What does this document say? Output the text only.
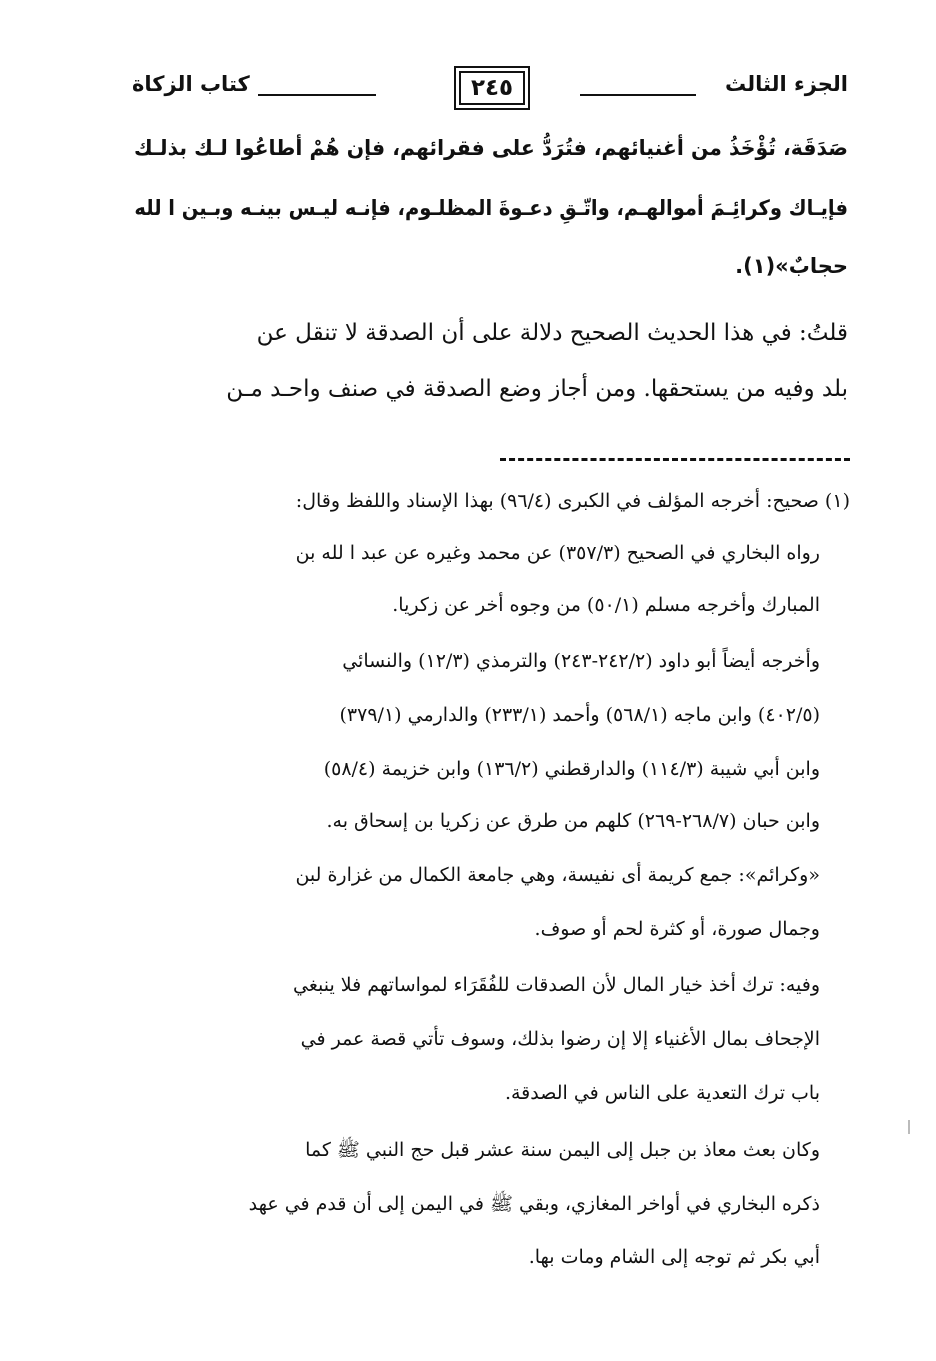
الجزء الثالث
٢٤٥
كتاب الزكاة
صَدَقَة، تُؤْخَذُ من أغنيائهم، فتُرَدُّ على فقرائهم، فإن هُمْ أطاعُوا لـك بذلـك
فإيـاك وكرائِـمَ أموالهـم، واتّـقِ دعـوةَ المظلـوم، فإنـه ليـس بينـه وبـين ا لله
حجابٌ»(١).
قلتُ: في هذا الحديث الصحيح دلالة على أن الصدقة لا تنقل عن
بلد وفيه من يستحقها. ومن أجاز وضع الصدقة في صنف واحـد مـن
(١) صحيح: أخرجه المؤلف في الكبرى (٩٦/٤) بهذا الإسناد واللفظ وقال:
رواه البخاري في الصحيح (٣٥٧/٣) عن محمد وغيره عن عبد ا لله بن
المبارك وأخرجه مسلم (٥٠/١) من وجوه أخر عن زكريا.
وأخرجه أيضاً أبو داود (٢٤٢/٢-٢٤٣) والترمذي (١٢/٣) والنسائي
(٤٠٢/٥) وابن ماجه (٥٦٨/١) وأحمد (٢٣٣/١) والدارمي (٣٧٩/١)
وابن أبي شيبة (١١٤/٣) والدارقطني (١٣٦/٢) وابن خزيمة (٥٨/٤)
وابن حبان (٢٦٨/٧-٢٦٩) كلهم من طرق عن زكريا بن إسحاق به.
«وكرائم»: جمع كريمة أى نفيسة، وهي جامعة الكمال من غزارة لبن
وجمال صورة، أو كثرة لحم أو صوف.
وفيه: ترك أخذ خيار المال لأن الصدقات للفُقَرَاء لمواساتهم فلا ينبغي
الإجحاف بمال الأغنياء إلا إن رضوا بذلك، وسوف تأتي قصة عمر في
باب ترك التعدية على الناس في الصدقة.
وكان بعث معاذ بن جبل إلى اليمن سنة عشر قبل حج النبي ﷺ كما
ذكره البخاري في أواخر المغازي، وبقي ﷺ في اليمن إلى أن قدم في عهد
أبي بكر ثم توجه إلى الشام ومات بها.
